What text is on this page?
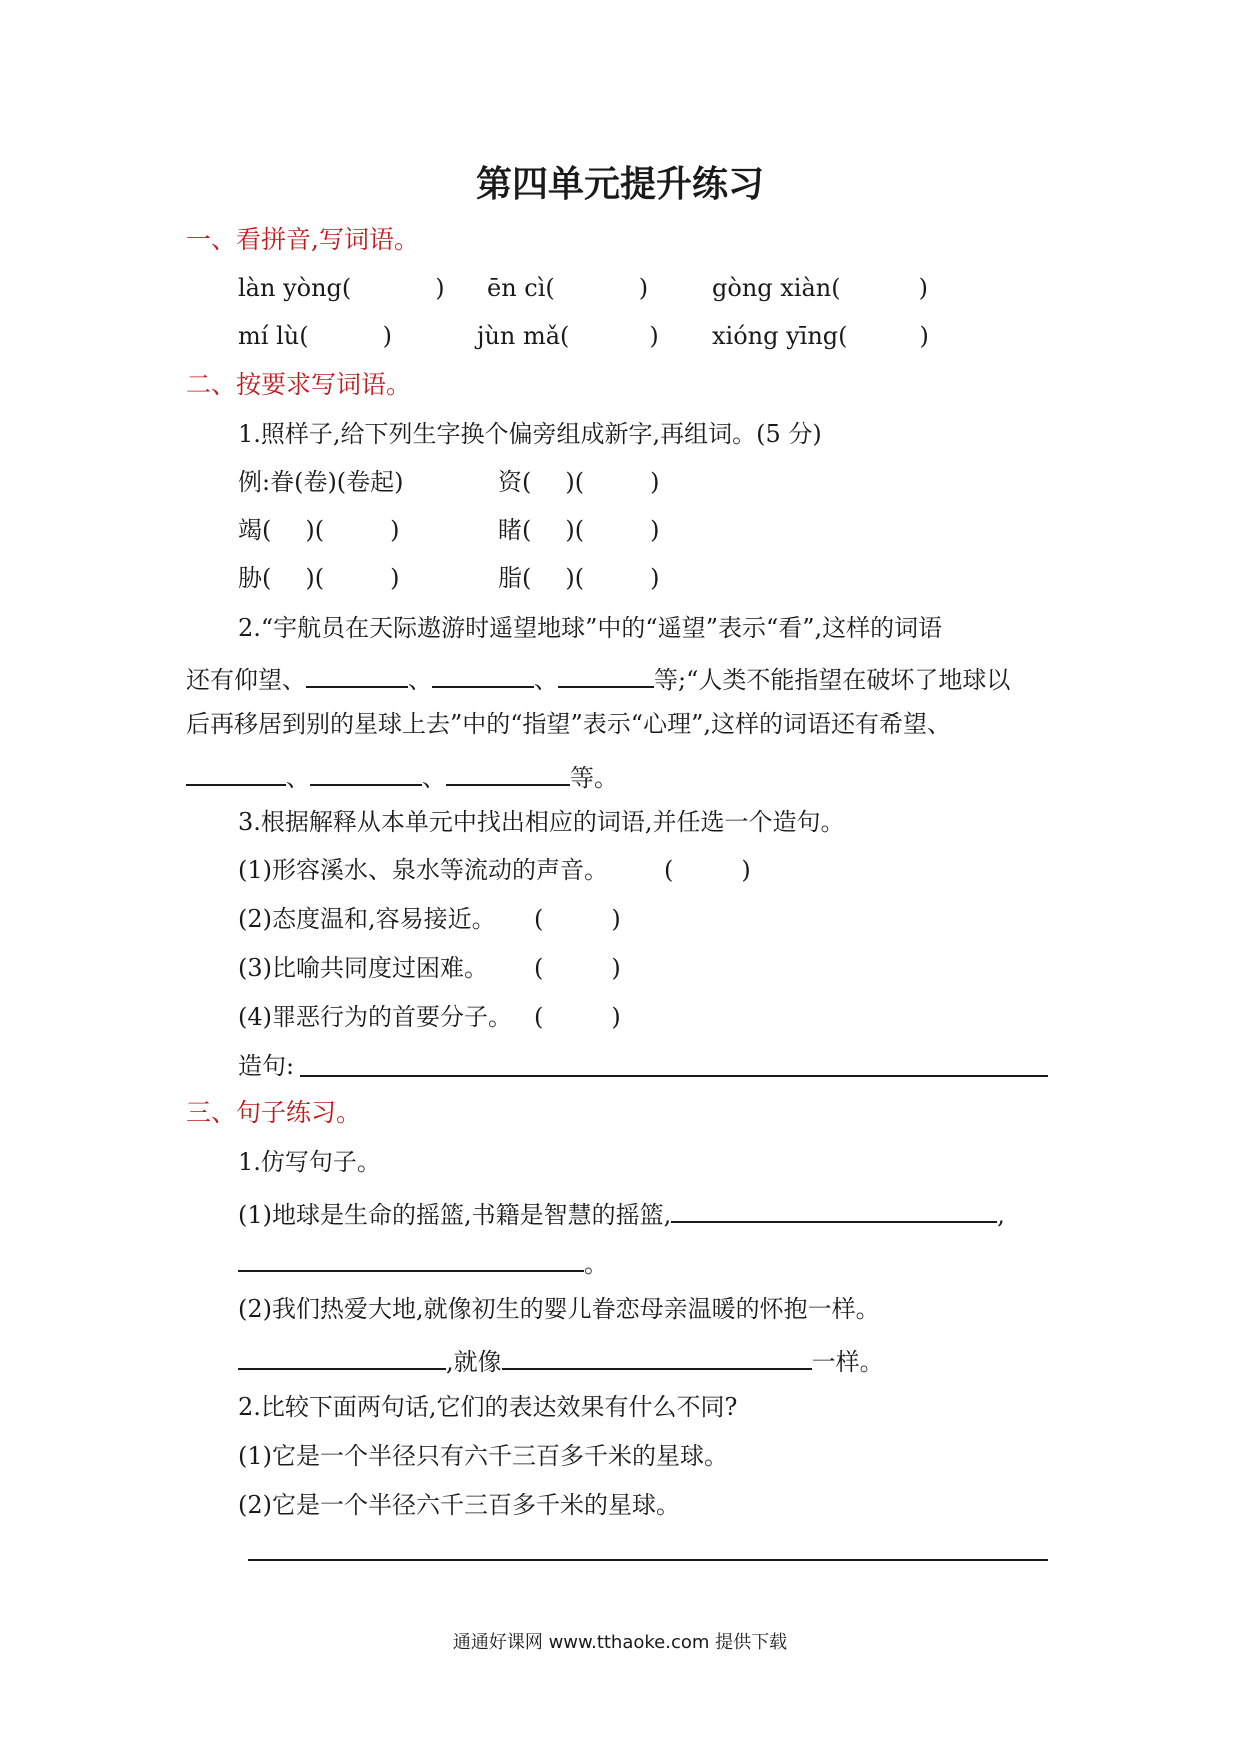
第四单元提升练习
一、看拼音,写词语。
làn yòng(	) ēn cì(	)	gòng xiàn(	)
mí lù(	)	jùn mǎ(	) xióng yīng(	)
二、按要求写词语。
1.照样子,给下列生字换个偏旁组成新字,再组词。(5 分)
例:眷(卷)(卷起)	资( )(	)
竭( )(	)	睹( )(	)
胁( )(	)	脂( )(	)
2.“宇航员在天际遨游时遥望地球”中的“遥望”表示“看”,这样的词语
还有仰望、	、	、	等;“人类不能指望在破坏了地球以
后再移居到别的星球上去”中的“指望”表示“心理”,这样的词语还有希望、
、	、	等。
3.根据解释从本单元中找出相应的词语,并任选一个造句。
(1)形容溪水、泉水等流动的声音。 (	)
(2)态度温和,容易接近。 (	)
(3)比喻共同度过困难。 (	)
(4)罪恶行为的首要分子。 (	)
造句:
三、句子练习。
1.仿写句子。
(1)地球是生命的摇篮,书籍是智慧的摇篮,	,
。
(2)我们热爱大地,就像初生的婴儿眷恋母亲温暖的怀抱一样。
,就像	一样。
2.比较下面两句话,它们的表达效果有什么不同?
(1)它是一个半径只有六千三百多千米的星球。
(2)它是一个半径六千三百多千米的星球。
通通好课网 www.tthaoke.com 提供下载
